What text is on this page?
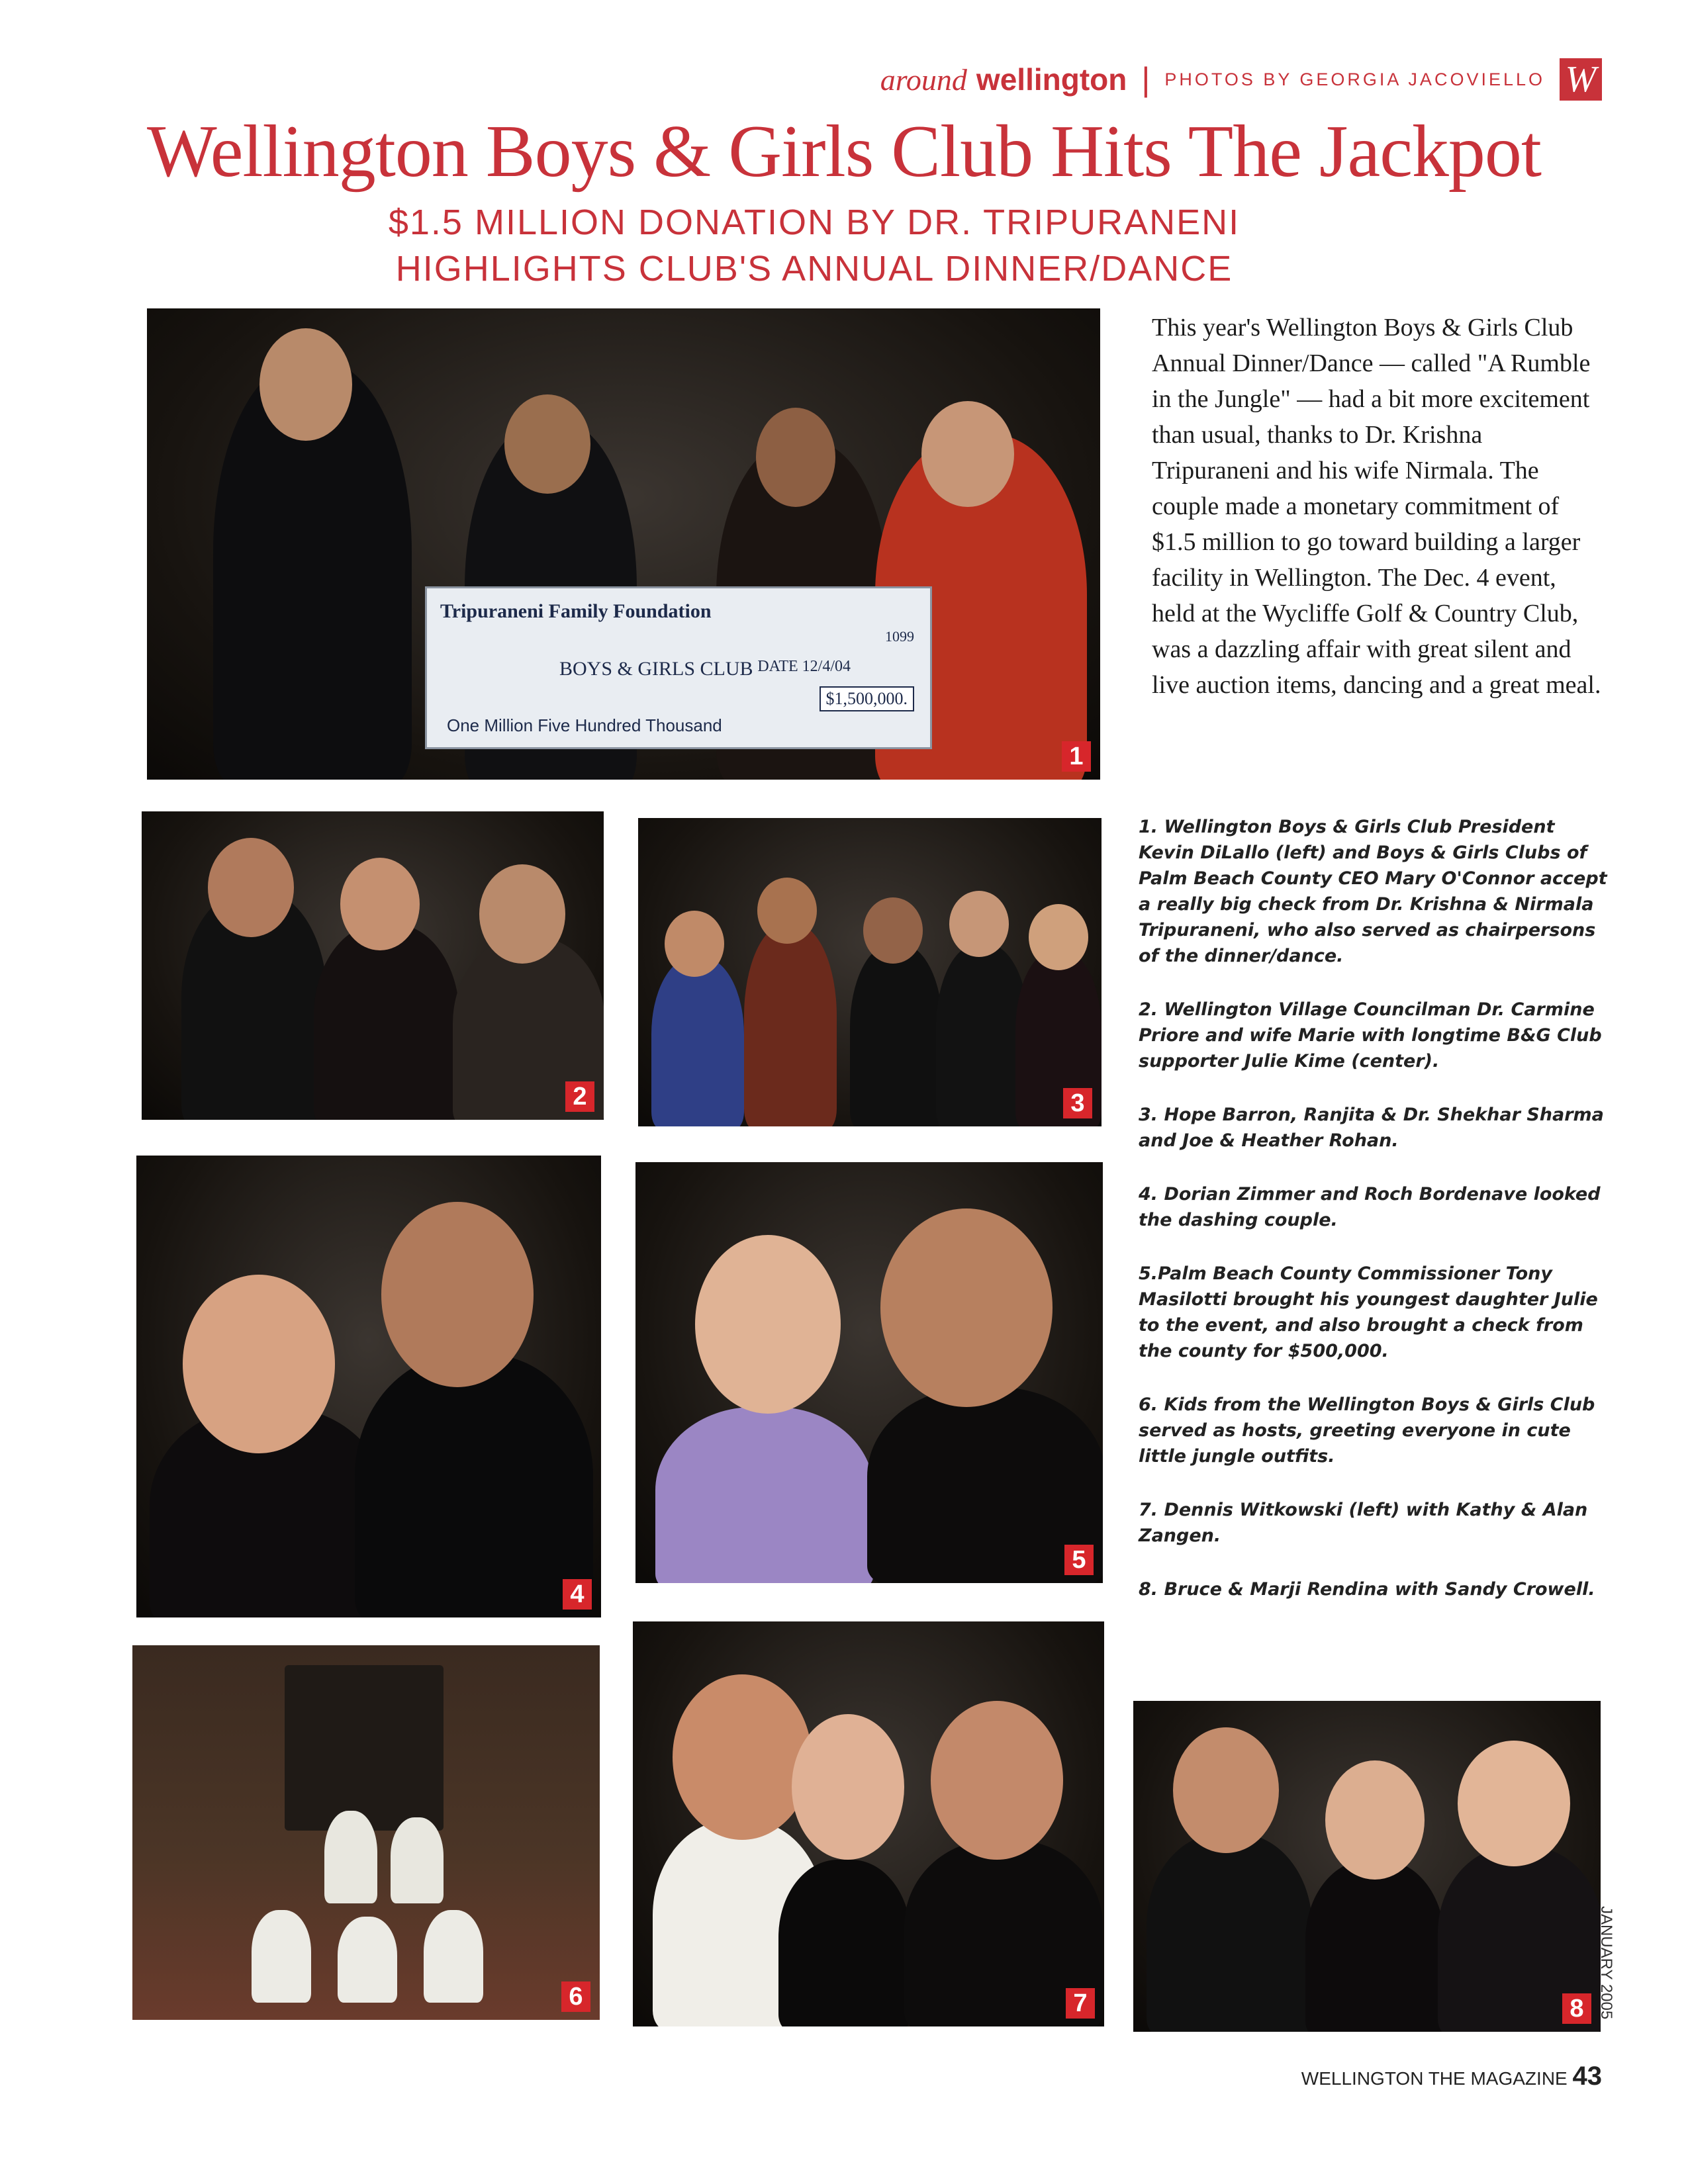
around wellington | PHOTOS BY GEORGIA JACOVIELLO W
Wellington Boys & Girls Club Hits The Jackpot
$1.5 MILLION DONATION BY DR. TRIPURANENI
HIGHLIGHTS CLUB'S ANNUAL DINNER/DANCE
Tripuraneni Family Foundation
1099
BOYS & GIRLS CLUB DATE 12/4/04
$1,500,000.
One Million Five Hundred Thousand
1
2	3
4
5
6	7	8
This year's Wellington Boys & Girls Club Annual Dinner/Dance — called "A Rumble in the Jungle" — had a bit more excitement than usual, thanks to Dr. Krishna Tripuraneni and his wife Nirmala. The couple made a monetary commitment of $1.5 million to go toward building a larger facility in Wellington. The Dec. 4 event, held at the Wycliffe Golf & Country Club, was a dazzling affair with great silent and live auction items, dancing and a great meal.

1. Wellington Boys & Girls Club President Kevin DiLallo (left) and Boys & Girls Clubs of Palm Beach County CEO Mary O'Connor accept a really big check from Dr. Krishna & Nirmala Tripuraneni, who also served as chairpersons of the dinner/dance.

2. Wellington Village Councilman Dr. Carmine Priore and wife Marie with longtime B&G Club supporter Julie Kime (center).

3. Hope Barron, Ranjita & Dr. Shekhar Sharma and Joe & Heather Rohan.

4. Dorian Zimmer and Roch Bordenave looked the dashing couple.

5.Palm Beach County Commissioner Tony Masilotti brought his youngest daughter Julie to the event, and also brought a check from the county for $500,000.

6. Kids from the Wellington Boys & Girls Club served as hosts, greeting everyone in cute little jungle outfits.

7. Dennis Witkowski (left) with Kathy & Alan Zangen.

8. Bruce & Marji Rendina with Sandy Crowell.

JANUARY 2005
WELLINGTON THE MAGAZINE 43
